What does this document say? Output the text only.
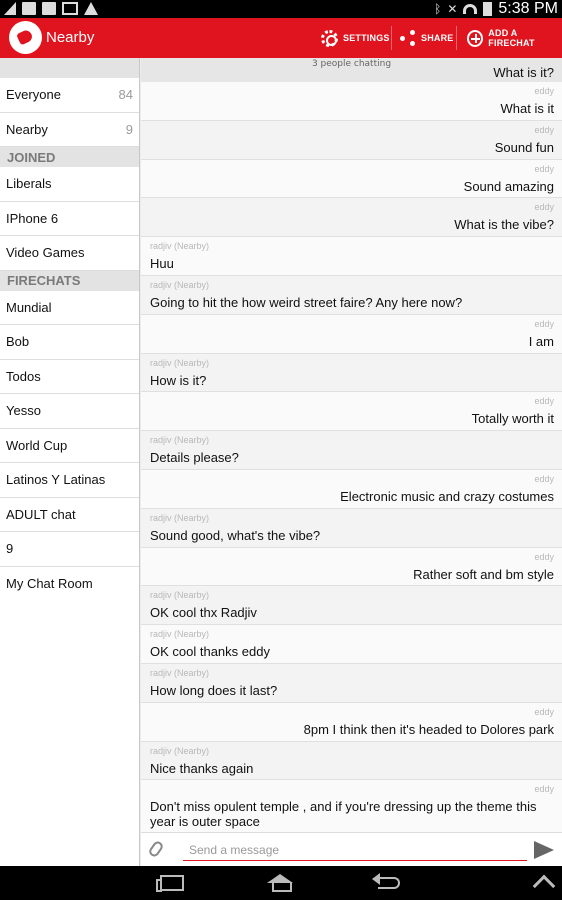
ᛒ ✕	5:38 PM
Nearby	SETTINGS	SHARE	ADD A FIRECHAT
Everyone	84
Nearby	9
JOINED
Liberals
IPhone 6
Video Games
FIRECHATS
Mundial
Bob
Todos
Yesso
World Cup
Latinos Y Latinas
ADULT chat
9
My Chat Room
3 people chatting
What is it?
eddy
What is it
eddy
Sound fun
eddy
Sound amazing
eddy
What is the vibe?
radjiv (Nearby)
Huu
radjiv (Nearby)
Going to hit the how weird street faire? Any here now?
eddy
I am
radjiv (Nearby)
How is it?
eddy
Totally worth it
radjiv (Nearby)
Details please?
eddy
Electronic music and crazy costumes
radjiv (Nearby)
Sound good, what's the vibe?
eddy
Rather soft and bm style
radjiv (Nearby)
OK cool thx Radjiv
radjiv (Nearby)
OK cool thanks eddy
radjiv (Nearby)
How long does it last?
eddy
8pm I think then it's headed to Dolores park
radjiv (Nearby)
Nice thanks again
eddy
Don't miss opulent temple , and if you're dressing up the theme this year is outer space
Send a message
